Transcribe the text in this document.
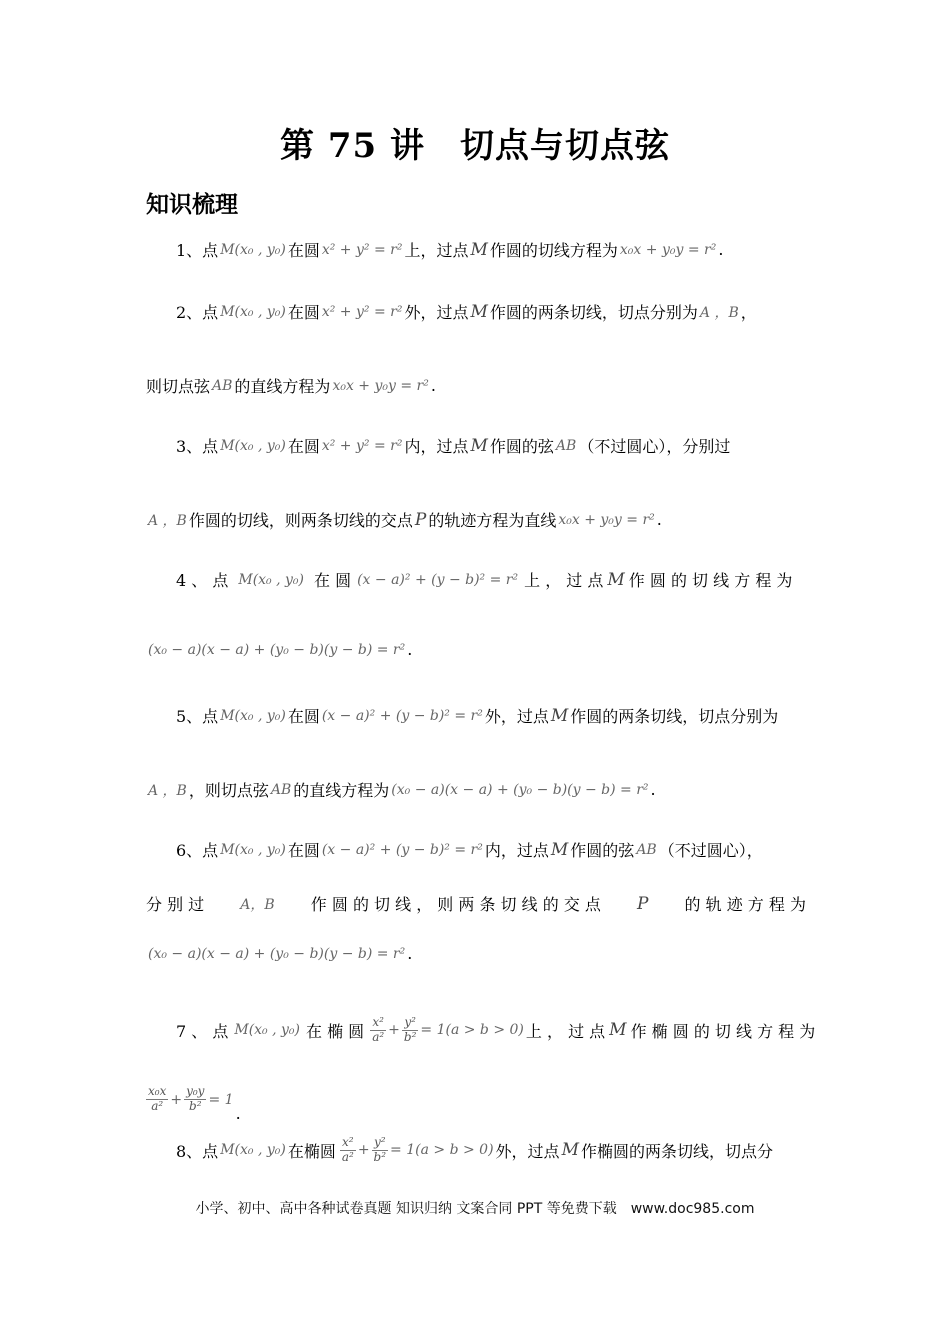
第 75 讲　切点与切点弦
知识梳理
1、点 M(x₀ , y₀) 在圆 x² + y² = r² 上，过点 M 作圆的切线方程为 x₀x + y₀y = r² .
2、点 M(x₀ , y₀) 在圆 x² + y² = r² 外，过点 M 作圆的两条切线，切点分别为 A ，B ，
则切点弦 AB 的直线方程为 x₀x + y₀y = r² .
3、点 M(x₀ , y₀) 在圆 x² + y² = r² 内，过点 M 作圆的弦 AB （不过圆心），分别过
A ，B 作圆的切线，则两条切线的交点 P 的轨迹方程为直线 x₀x + y₀y = r² .
4 、 点 M(x₀ , y₀) 在 圆 (x − a)² + (y − b)² = r² 上 ， 过 点 M 作 圆 的 切 线 方 程 为
(x₀ − a)(x − a) + (y₀ − b)(y − b) = r² .
5、点 M(x₀ , y₀) 在圆 (x − a)² + (y − b)² = r² 外，过点 M 作圆的两条切线，切点分别为
A ，B ，则切点弦 AB 的直线方程为 (x₀ − a)(x − a) + (y₀ − b)(y − b) = r² .
6、点 M(x₀ , y₀) 在圆 (x − a)² + (y − b)² = r² 内，过点 M 作圆的弦 AB （不过圆心），
分 别 过	A，B 作 圆 的 切 线 ， 则 两 条 切 线 的 交 点 P 的 轨 迹 方 程 为
(x₀ − a)(x − a) + (y₀ − b)(y − b) = r² .
7 、 点 M(x₀ , y₀) 在 椭 圆 $\frac{\text{x²}}{\text{a²}} + \frac{\text{y²}}{\text{b²}} = 1(a > b > 0)$ 上 ， 过 点 M 作 椭 圆 的 切 线 方 程 为
$\frac{\text{x₀x}}{\text{a²}} + \frac{\text{y₀y}}{\text{b²}} = 1$
.
8、点 M(x₀ , y₀) 在椭圆 $\frac{\text{x²}}{\text{a²}} + \frac{\text{y²}}{\text{b²}} = 1(a > b > 0)$ 外，过点 M 作椭圆的两条切线，切点分
小学、初中、高中各种试卷真题 知识归纳 文案合同 PPT 等免费下载　www.doc985.com
